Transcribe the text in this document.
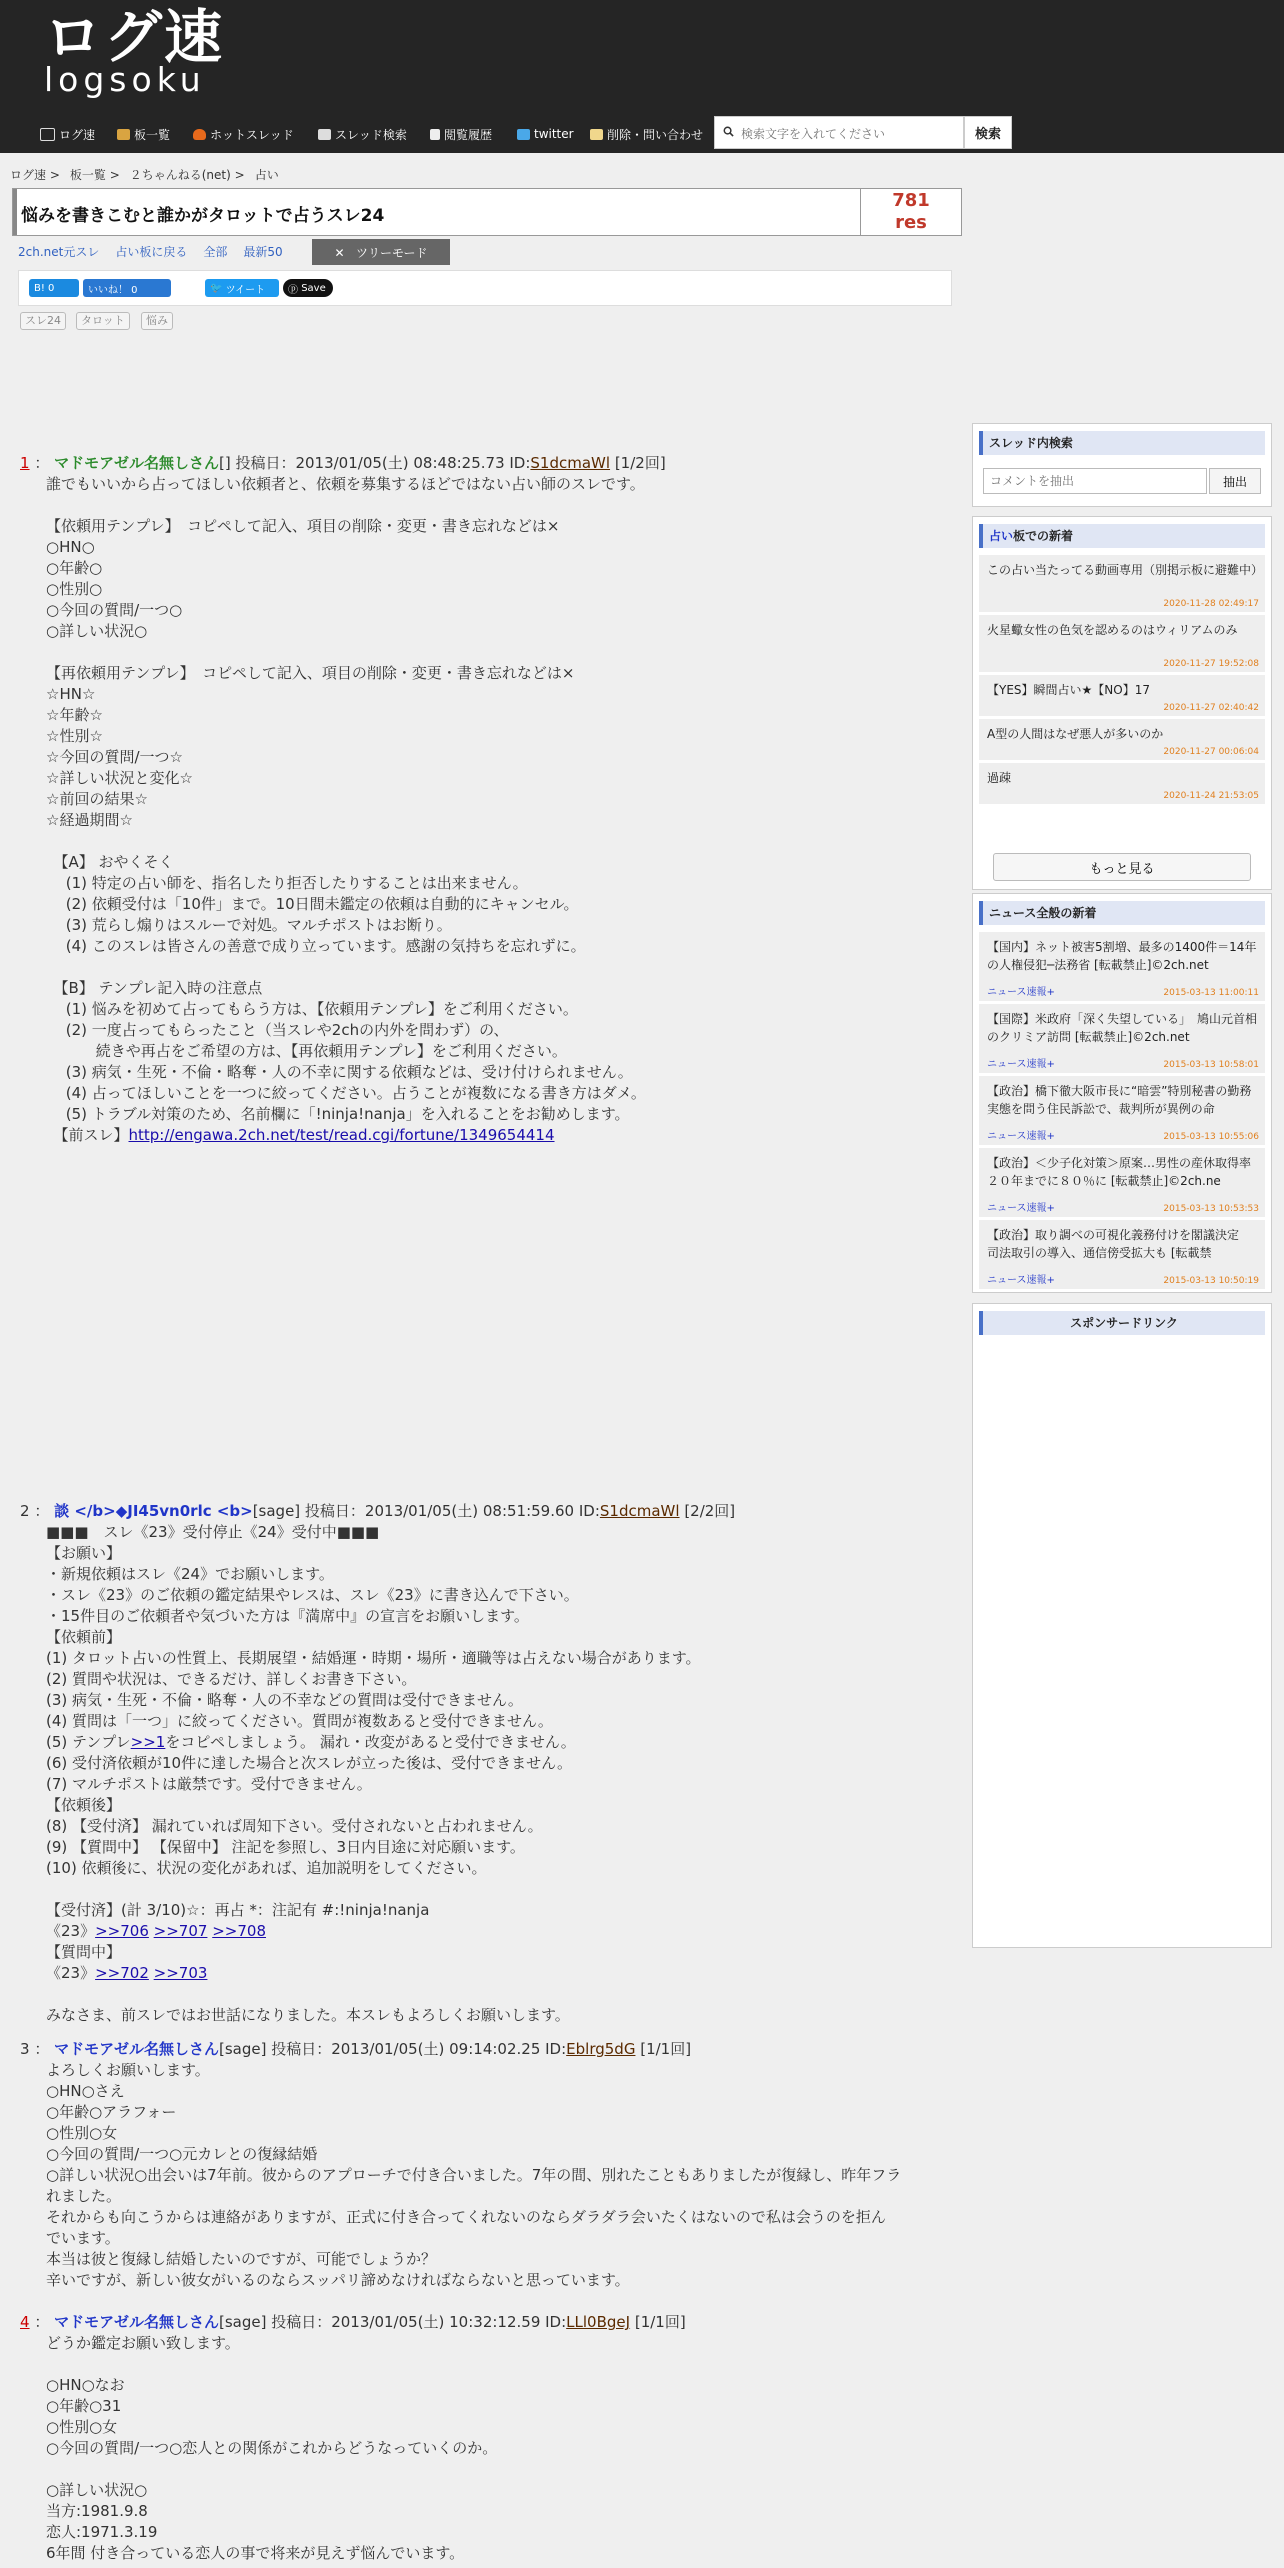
ログ速
logsoku
ログ速	板一覧	ホットスレッド	スレッド検索	閲覧履歴	twitter	削除・問い合わせ
検索文字を入れてください	検索
ログ速 > 板一覧 > ２ちゃんねる(net) > 占い
悩みを書きこむと誰かがタロットで占うスレ24
781
res
2ch.net元スレ 占い板に戻る 全部 最新50	✕ ツリーモード
B! 0	いいね！ 0	🐦 ツイート ⓟ Save
スレ24	タロット	悩み
1 ： マドモアゼル名無しさん[] 投稿日：2013/01/05(土) 08:48:25.73 ID:S1dcmaWl [1/2回]
誰でもいいから占ってほしい依頼者と、依頼を募集するほどではない占い師のスレです。

【依頼用テンプレ】　コピペして記入、項目の削除・変更・書き忘れなどは×
○HN○
○年齢○
○性別○
○今回の質問/一つ○
○詳しい状況○

【再依頼用テンプレ】　コピペして記入、項目の削除・変更・書き忘れなどは×
☆HN☆
☆年齢☆
☆性別☆
☆今回の質問/一つ☆
☆詳しい状況と変化☆
☆前回の結果☆
☆経過期間☆

　【A】 おやくそく
　 (1) 特定の占い師を、指名したり拒否したりすることは出来ません。
　 (2) 依頼受付は「10件」まで。10日間未鑑定の依頼は自動的にキャンセル。
　 (3) 荒らし煽りはスルーで対処。マルチポストはお断り。
　 (4) このスレは皆さんの善意で成り立っています。感謝の気持ちを忘れずに。

　【B】 テンプレ記入時の注意点
　 (1) 悩みを初めて占ってもらう方は、【依頼用テンプレ】をご利用ください。
　 (2) 一度占ってもらったこと（当スレや2chの内外を問わず）の、
　　　 続きや再占をご希望の方は、【再依頼用テンプレ】をご利用ください。
　 (3) 病気・生死・不倫・略奪・人の不幸に関する依頼などは、受け付けられません。
　 (4) 占ってほしいことを一つに絞ってください。占うことが複数になる書き方はダメ。
　 (5) トラブル対策のため、名前欄に「!ninja!nanja」を入れることをお勧めします。
　【前スレ】http://engawa.2ch.net/test/read.cgi/fortune/1349654414
2 ： 談 </b>◆JI45vn0rlc <b>[sage] 投稿日：2013/01/05(土) 08:51:59.60 ID:S1dcmaWl [2/2回]
■■■　スレ《23》受付停止《24》受付中■■■
【お願い】
・新規依頼はスレ《24》でお願いします。
・スレ《23》のご依頼の鑑定結果やレスは、スレ《23》に書き込んで下さい。
・15件目のご依頼者や気づいた方は『満席中』の宣言をお願いします。
【依頼前】
(1) タロット占いの性質上、長期展望・結婚運・時期・場所・適職等は占えない場合があります。
(2) 質問や状況は、できるだけ、詳しくお書き下さい。
(3) 病気・生死・不倫・略奪・人の不幸などの質問は受付できません。
(4) 質問は「一つ」に絞ってください。質問が複数あると受付できません。
(5) テンプレ>>1をコピペしましょう。 漏れ・改変があると受付できません。
(6) 受付済依頼が10件に達した場合と次スレが立った後は、受付できません。
(7) マルチポストは厳禁です。受付できません。
【依頼後】
(8) 【受付済】 漏れていれば周知下さい。受付されないと占われません。
(9) 【質問中】 【保留中】 注記を参照し、3日内目途に対応願います。
(10) 依頼後に、状況の変化があれば、追加説明をしてください。

【受付済】(計 3/10)☆：再占 *：注記有 #:!ninja!nanja
《23》>>706 >>707 >>708
【質問中】
《23》>>702 >>703

みなさま、前スレではお世話になりました。本スレもよろしくお願いします。
3 ： マドモアゼル名無しさん[sage] 投稿日：2013/01/05(土) 09:14:02.25 ID:Eblrg5dG [1/1回]
よろしくお願いします。
○HN○さえ
○年齢○アラフォー
○性別○女
○今回の質問/一つ○元カレとの復縁結婚
○詳しい状況○出会いは7年前。彼からのアプローチで付き合いました。7年の間、別れたこともありましたが復縁し、昨年フラ
れました。
それからも向こうからは連絡がありますが、正式に付き合ってくれないのならダラダラ会いたくはないので私は会うのを拒ん
でいます。
本当は彼と復縁し結婚したいのですが、可能でしょうか？
辛いですが、新しい彼女がいるのならスッパリ諦めなければならないと思っています。
4 ： マドモアゼル名無しさん[sage] 投稿日：2013/01/05(土) 10:32:12.59 ID:LLl0BgeJ [1/1回]
どうか鑑定お願い致します。

○HN○なお
○年齢○31
○性別○女
○今回の質問/一つ○恋人との関係がこれからどうなっていくのか。

○詳しい状況○
当方:1981.9.8
恋人:1971.3.19
6年間 付き合っている恋人の事で将来が見えず悩んでいます。
スレッド内検索
コメントを抽出
抽出
占い板での新着
もっと見る
この占い当たってる動画専用（別掲示板に避難中）
2020-11-28 02:49:17
火星蠍女性の色気を認めるのはウィリアムのみ
2020-11-27 19:52:08
【YES】瞬間占い★【NO】17
2020-11-27 02:40:42
A型の人間はなぜ悪人が多いのか
2020-11-27 00:06:04
過疎
2020-11-24 21:53:05
ニュース全般の新着
【国内】ネット被害5割増、最多の1400件＝14年の人権侵犯─法務省 [転載禁止]©2ch.net
ニュース速報+	2015-03-13 11:00:11
【国際】米政府「深く失望している」　鳩山元首相のクリミア訪問 [転載禁止]©2ch.net
ニュース速報+	2015-03-13 10:58:01
【政治】橋下徹大阪市長に“暗雲”特別秘書の勤務実態を問う住民訴訟で、裁判所が異例の命
ニュース速報+	2015-03-13 10:55:06
【政治】＜少子化対策＞原案…男性の産休取得率２０年までに８０％に [転載禁止]©2ch.ne
ニュース速報+	2015-03-13 10:53:53
【政治】取り調べの可視化義務付けを閣議決定　司法取引の導入、通信傍受拡大も [転載禁
ニュース速報+	2015-03-13 10:50:19
スポンサードリンク
